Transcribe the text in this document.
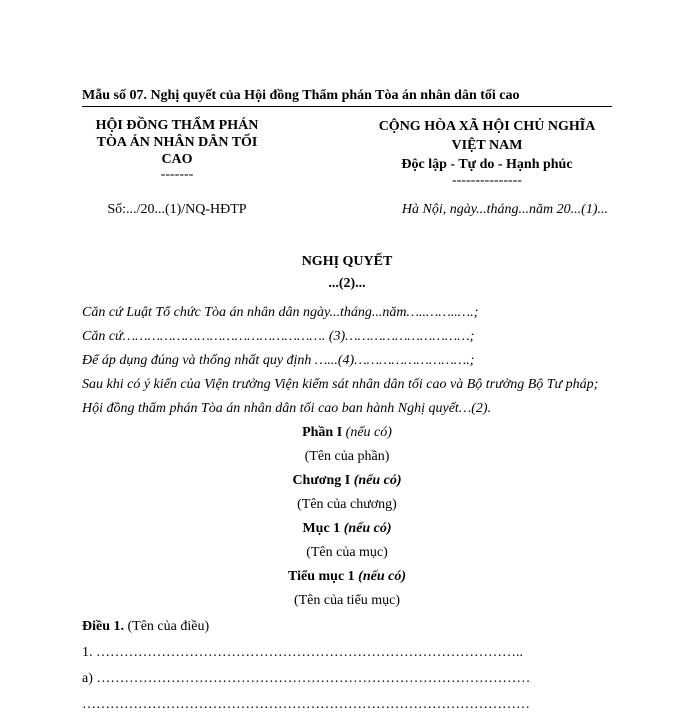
Mẫu số 07. Nghị quyết của Hội đồng Thẩm phán Tòa án nhân dân tối cao
HỘI ĐỒNG THẨM PHÁN TÒA ÁN NHÂN DÂN TỐI CAO
-------
CỘNG HÒA XÃ HỘI CHỦ NGHĨA VIỆT NAM
Độc lập - Tự do - Hạnh phúc
---------------
Số:.../20...(1)/NQ-HĐTP	Hà Nội, ngày...tháng...năm 20...(1)...
NGHỊ QUYẾT
...(2)...
Căn cứ Luật Tổ chức Tòa án nhân dân ngày...tháng...năm…..……..….;
Căn cứ…………………………………………. (3)…………………………;
Để áp dụng đúng và thống nhất quy định …...(4)……………………….;
Sau khi có ý kiến của Viện trưởng Viện kiểm sát nhân dân tối cao và Bộ trưởng Bộ Tư pháp;
Hội đồng thẩm phán Tòa án nhân dân tối cao ban hành Nghị quyết…(2).
Phần I (nếu có)
(Tên của phần)
Chương I (nếu có)
(Tên của chương)
Mục 1 (nếu có)
(Tên của mục)
Tiểu mục 1 (nếu có)
(Tên của tiểu mục)
Điều 1. (Tên của điều)
1. ………………………………………………………………………………..
a) …………………………………………………………………………………
……………………………………………………………………………………
